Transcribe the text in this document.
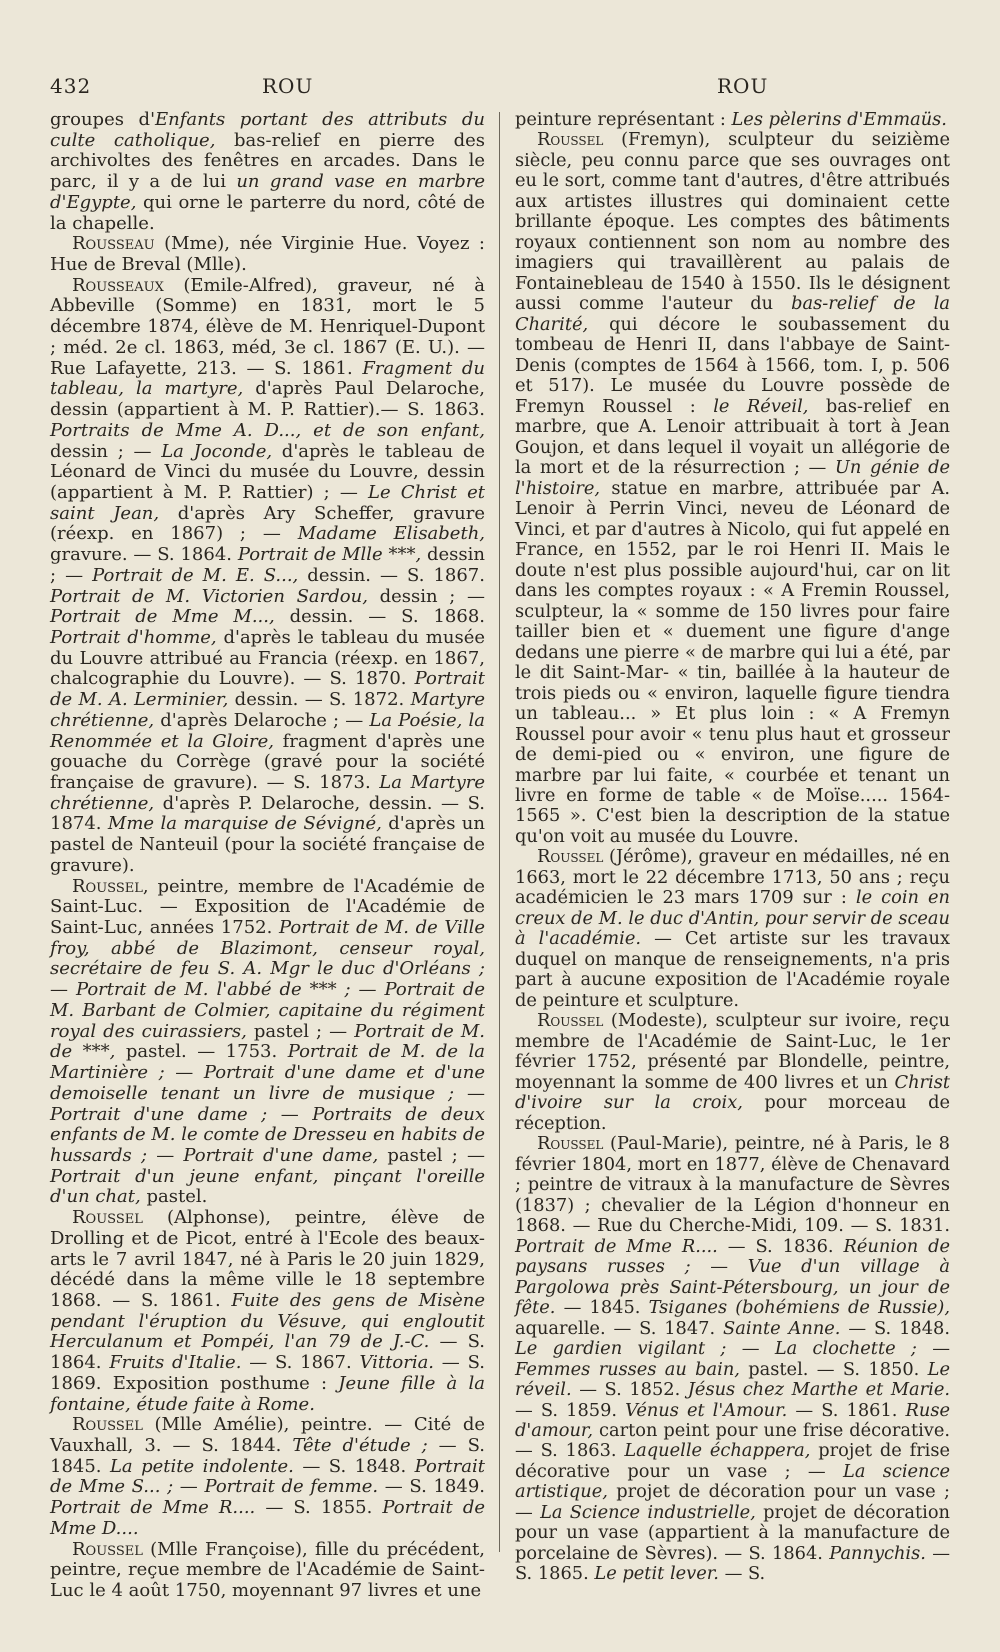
432	ROU	ROU

groupes d'Enfants portant des attributs du culte catholique, bas-relief en pierre des archivoltes des fenêtres en arcades. Dans le parc, il y a de lui un grand vase en marbre d'Egypte, qui orne le parterre du nord, côté de la chapelle.

Rousseau (Mme), née Virginie Hue. Voyez : Hue de Breval (Mlle).

Rousseaux (Emile-Alfred), graveur, né à Abbeville (Somme) en 1831, mort le 5 décembre 1874, élève de M. Henriquel-Dupont ; méd. 2e cl. 1863, méd, 3e cl. 1867 (E. U.). — Rue Lafayette, 213. — S. 1861. Fragment du tableau, la martyre, d'après Paul Delaroche, dessin (appartient à M. P. Rattier).— S. 1863. Portraits de Mme A. D..., et de son enfant, dessin ; — La Joconde, d'après le tableau de Léonard de Vinci du musée du Louvre, dessin (appartient à M. P. Rattier) ; — Le Christ et saint Jean, d'après Ary Scheffer, gravure (réexp. en 1867) ; — Madame Elisabeth, gravure. — S. 1864. Portrait de Mlle ***, dessin ; — Portrait de M. E. S..., dessin. — S. 1867. Portrait de M. Victorien Sardou, dessin ; — Portrait de Mme M..., dessin. — S. 1868. Portrait d'homme, d'après le tableau du musée du Louvre attribué au Francia (réexp. en 1867, chalcographie du Louvre). — S. 1870. Portrait de M. A. Lerminier, dessin. — S. 1872. Martyre chrétienne, d'après Delaroche ; — La Poésie, la Renommée et la Gloire, fragment d'après une gouache du Corrège (gravé pour la société française de gravure). — S. 1873. La Martyre chrétienne, d'après P. Delaroche, dessin. — S. 1874. Mme la marquise de Sévigné, d'après un pastel de Nanteuil (pour la société française de gravure).

Roussel, peintre, membre de l'Académie de Saint-Luc. — Exposition de l'Académie de Saint-Luc, années 1752. Portrait de M. de Ville froy, abbé de Blazimont, censeur royal, secrétaire de feu S. A. Mgr le duc d'Orléans ; — Portrait de M. l'abbé de *** ; — Portrait de M. Barbant de Colmier, capitaine du régiment royal des cuirassiers, pastel ; — Portrait de M. de ***, pastel. — 1753. Portrait de M. de la Martinière ; — Portrait d'une dame et d'une demoiselle tenant un livre de musique ; — Portrait d'une dame ; — Portraits de deux enfants de M. le comte de Dresseu en habits de hussards ; — Portrait d'une dame, pastel ; — Portrait d'un jeune enfant, pinçant l'oreille d'un chat, pastel.

Roussel (Alphonse), peintre, élève de Drolling et de Picot, entré à l'Ecole des beaux-arts le 7 avril 1847, né à Paris le 20 juin 1829, décédé dans la même ville le 18 septembre 1868. — S. 1861. Fuite des gens de Misène pendant l'éruption du Vésuve, qui engloutit Herculanum et Pompéi, l'an 79 de J.-C. — S. 1864. Fruits d'Italie. — S. 1867. Vittoria. — S. 1869. Exposition posthume : Jeune fille à la fontaine, étude faite à Rome.

Roussel (Mlle Amélie), peintre. — Cité de Vauxhall, 3. — S. 1844. Tête d'étude ; — S. 1845. La petite indolente. — S. 1848. Portrait de Mme S... ; — Portrait de femme. — S. 1849. Portrait de Mme R.... — S. 1855. Portrait de Mme D....

Roussel (Mlle Françoise), fille du précédent, peintre, reçue membre de l'Académie de Saint-Luc le 4 août 1750, moyennant 97 livres et une

peinture représentant : Les pèlerins d'Emmaüs.

Roussel (Fremyn), sculpteur du seizième siècle, peu connu parce que ses ouvrages ont eu le sort, comme tant d'autres, d'être attribués aux artistes illustres qui dominaient cette brillante époque. Les comptes des bâtiments royaux contiennent son nom au nombre des imagiers qui travaillèrent au palais de Fontainebleau de 1540 à 1550. Ils le désignent aussi comme l'auteur du bas-relief de la Charité, qui décore le soubassement du tombeau de Henri II, dans l'abbaye de Saint-Denis (comptes de 1564 à 1566, tom. I, p. 506 et 517). Le musée du Louvre possède de Fremyn Roussel : le Réveil, bas-relief en marbre, que A. Lenoir attribuait à tort à Jean Goujon, et dans lequel il voyait un allégorie de la mort et de la résurrection ; — Un génie de l'histoire, statue en marbre, attribuée par A. Lenoir à Perrin Vinci, neveu de Léonard de Vinci, et par d'autres à Nicolo, qui fut appelé en France, en 1552, par le roi Henri II. Mais le doute n'est plus possible aujourd'hui, car on lit dans les comptes royaux : « A Fremin Roussel, sculpteur, la « somme de 150 livres pour faire tailler bien et « duement une figure d'ange dedans une pierre « de marbre qui lui a été, par le dit Saint-Mar- « tin, baillée à la hauteur de trois pieds ou « environ, laquelle figure tiendra un tableau... » Et plus loin : « A Fremyn Roussel pour avoir « tenu plus haut et grosseur de demi-pied ou « environ, une figure de marbre par lui faite, « courbée et tenant un livre en forme de table « de Moïse..... 1564-1565 ». C'est bien la description de la statue qu'on voit au musée du Louvre.

Roussel (Jérôme), graveur en médailles, né en 1663, mort le 22 décembre 1713, 50 ans ; reçu académicien le 23 mars 1709 sur : le coin en creux de M. le duc d'Antin, pour servir de sceau à l'académie. — Cet artiste sur les travaux duquel on manque de renseignements, n'a pris part à aucune exposition de l'Académie royale de peinture et sculpture.

Roussel (Modeste), sculpteur sur ivoire, reçu membre de l'Académie de Saint-Luc, le 1er février 1752, présenté par Blondelle, peintre, moyennant la somme de 400 livres et un Christ d'ivoire sur la croix, pour morceau de réception.

Roussel (Paul-Marie), peintre, né à Paris, le 8 février 1804, mort en 1877, élève de Chenavard ; peintre de vitraux à la manufacture de Sèvres (1837) ; chevalier de la Légion d'honneur en 1868. — Rue du Cherche-Midi, 109. — S. 1831. Portrait de Mme R.... — S. 1836. Réunion de paysans russes ; — Vue d'un village à Pargolowa près Saint-Pétersbourg, un jour de fête. — 1845. Tsiganes (bohémiens de Russie), aquarelle. — S. 1847. Sainte Anne. — S. 1848. Le gardien vigilant ; — La clochette ; — Femmes russes au bain, pastel. — S. 1850. Le réveil. — S. 1852. Jésus chez Marthe et Marie. — S. 1859. Vénus et l'Amour. — S. 1861. Ruse d'amour, carton peint pour une frise décorative. — S. 1863. Laquelle échappera, projet de frise décorative pour un vase ; — La science artistique, projet de décoration pour un vase ; — La Science industrielle, projet de décoration pour un vase (appartient à la manufacture de porcelaine de Sèvres). — S. 1864. Pannychis. — S. 1865. Le petit lever. — S.
